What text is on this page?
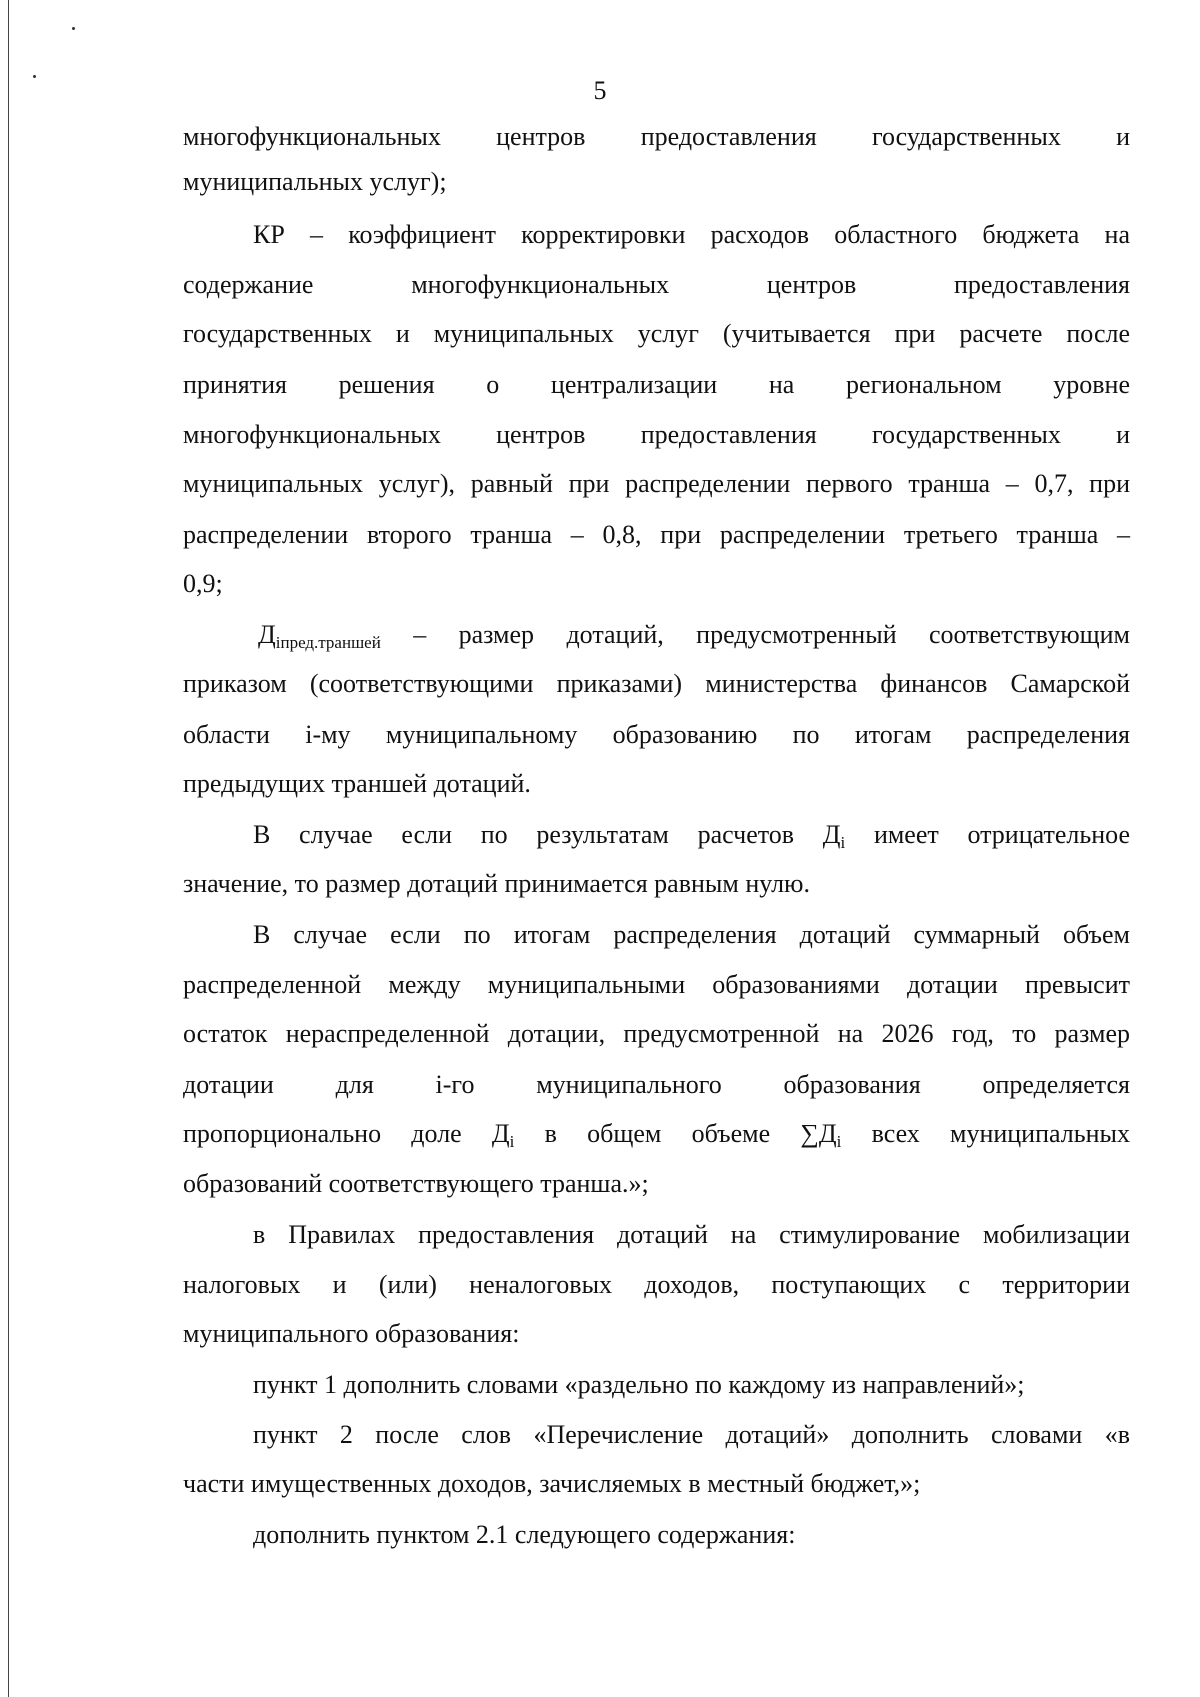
5
многофункциональных центров предоставления государственных и
муниципальных услуг);
КР – коэффициент корректировки расходов областного бюджета на
содержание многофункциональных центров предоставления
государственных и муниципальных услуг (учитывается при расчете после
принятия решения о централизации на региональном уровне
многофункциональных центров предоставления государственных и
муниципальных услуг), равный при распределении первого транша – 0,7, при
распределении второго транша – 0,8, при распределении третьего транша –
0,9;
$Д_{iпред.траншей}$ – размер дотаций, предусмотренный соответствующим
приказом (соответствующими приказами) министерства финансов Самарской
области i-му муниципальному образованию по итогам распределения
предыдущих траншей дотаций.
В случае если по результатам расчетов $Д_i$ имеет отрицательное
значение, то размер дотаций принимается равным нулю.
В случае если по итогам распределения дотаций суммарный объем
распределенной между муниципальными образованиями дотации превысит
остаток нераспределенной дотации, предусмотренной на 2026 год, то размер
дотации для i-го муниципального образования определяется
пропорционально доле $Д_i$ в общем объеме $\sum Д_i$ всех муниципальных
образований соответствующего транша.»;
в Правилах предоставления дотаций на стимулирование мобилизации
налоговых и (или) неналоговых доходов, поступающих с территории
муниципального образования:
пункт 1 дополнить словами «раздельно по каждому из направлений»;
пункт 2 после слов «Перечисление дотаций» дополнить словами «в
части имущественных доходов, зачисляемых в местный бюджет,»;
дополнить пунктом 2.1 следующего содержания:
